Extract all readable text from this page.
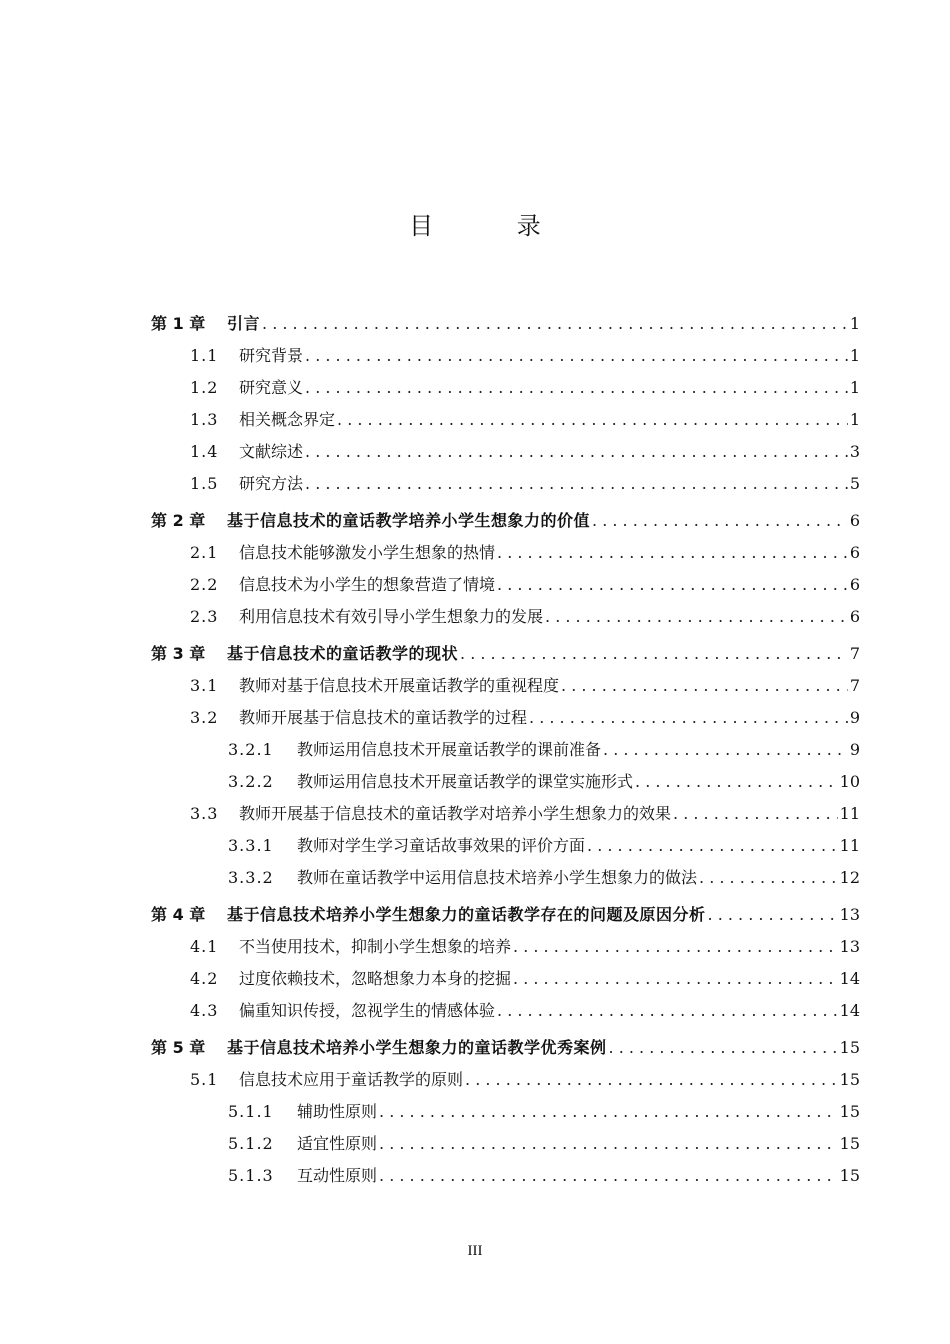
目 录
第 1 章	引言 . . .	1
1.1	研究背景 . . .	1
1.2	研究意义 . . .	1
1.3	相关概念界定 . . .	1
1.4	文献综述 . . .	3
1.5	研究方法 . . .	5
第 2 章	基于信息技术的童话教学培养小学生想象力的价值 . . .	6
2.1	信息技术能够激发小学生想象的热情 . . .	6
2.2	信息技术为小学生的想象营造了情境 . . .	6
2.3	利用信息技术有效引导小学生想象力的发展 . . .	6
第 3 章	基于信息技术的童话教学的现状 . . .	7
3.1	教师对基于信息技术开展童话教学的重视程度 . . .	7
3.2	教师开展基于信息技术的童话教学的过程 . . .	9
3.2.1	教师运用信息技术开展童话教学的课前准备 . . .	9
3.2.2	教师运用信息技术开展童话教学的课堂实施形式 . . .	10
3.3	教师开展基于信息技术的童话教学对培养小学生想象力的效果 . . .	11
3.3.1	教师对学生学习童话故事效果的评价方面 . . .	11
3.3.2	教师在童话教学中运用信息技术培养小学生想象力的做法 . . .	12
第 4 章	基于信息技术培养小学生想象力的童话教学存在的问题及原因分析 . . .	13
4.1	不当使用技术，抑制小学生想象的培养 . . .	13
4.2	过度依赖技术，忽略想象力本身的挖掘 . . .	14
4.3	偏重知识传授，忽视学生的情感体验 . . .	14
第 5 章	基于信息技术培养小学生想象力的童话教学优秀案例 . . .	15
5.1	信息技术应用于童话教学的原则 . . .	15
5.1.1	辅助性原则 . . .	15
5.1.2	适宜性原则 . . .	15
5.1.3	互动性原则 . . .	15
III
